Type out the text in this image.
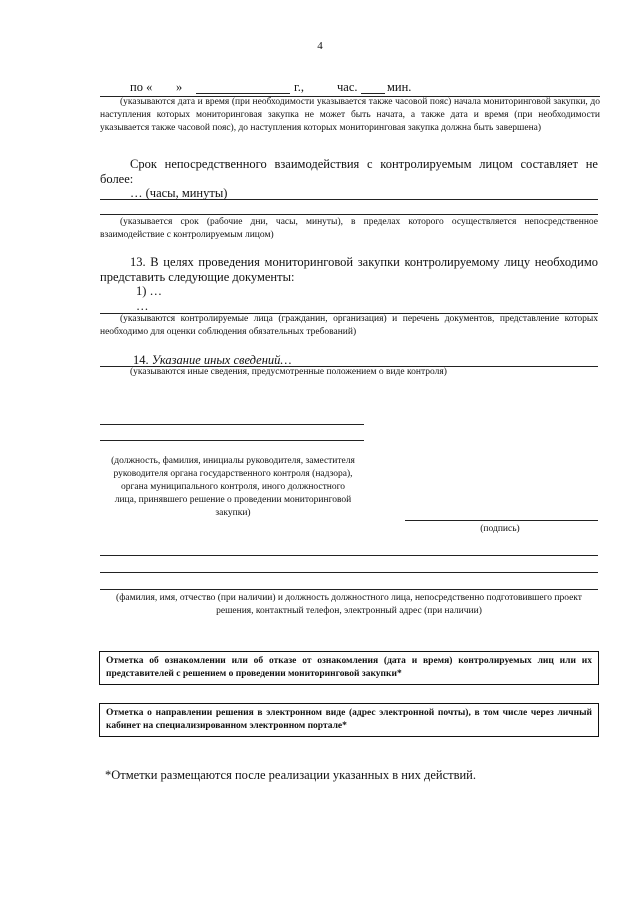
4
по « »	г.,	час. мин.
(указываются дата и время (при необходимости указывается также часовой пояс) начала мониторинговой закупки, до наступления которых мониторинговая закупка не может быть начата, а также дата и время (при необходимости указывается также часовой пояс), до наступления которых мониторинговая закупка должна быть завершена)
Срок непосредственного взаимодействия с контролируемым лицом составляет не более:
… (часы, минуты)
(указывается срок (рабочие дни, часы, минуты), в пределах которого осуществляется непосредственное взаимодействие с контролируемым лицом)
13. В целях проведения мониторинговой закупки контролируемому лицу необходимо представить следующие документы:
1) …
…
(указываются контролируемые лица (гражданин, организация) и перечень документов, представление которых необходимо для оценки соблюдения обязательных требований)
14. Указание иных сведений…
(указываются иные сведения, предусмотренные положением о виде контроля)
(должность, фамилия, инициалы руководителя, заместителя руководителя органа государственного контроля (надзора), органа муниципального контроля, иного должностного лица, принявшего решение о проведении мониторинговой закупки)
(подпись)
(фамилия, имя, отчество (при наличии) и должность должностного лица, непосредственно подготовившего проект решения, контактный телефон, электронный адрес (при наличии)
Отметка об ознакомлении или об отказе от ознакомления (дата и время) контролируемых лиц или их представителей с решением о проведении мониторинговой закупки*
Отметка о направлении решения в электронном виде (адрес электронной почты), в том числе через личный кабинет на специализированном электронном портале*
*Отметки размещаются после реализации указанных в них действий.
